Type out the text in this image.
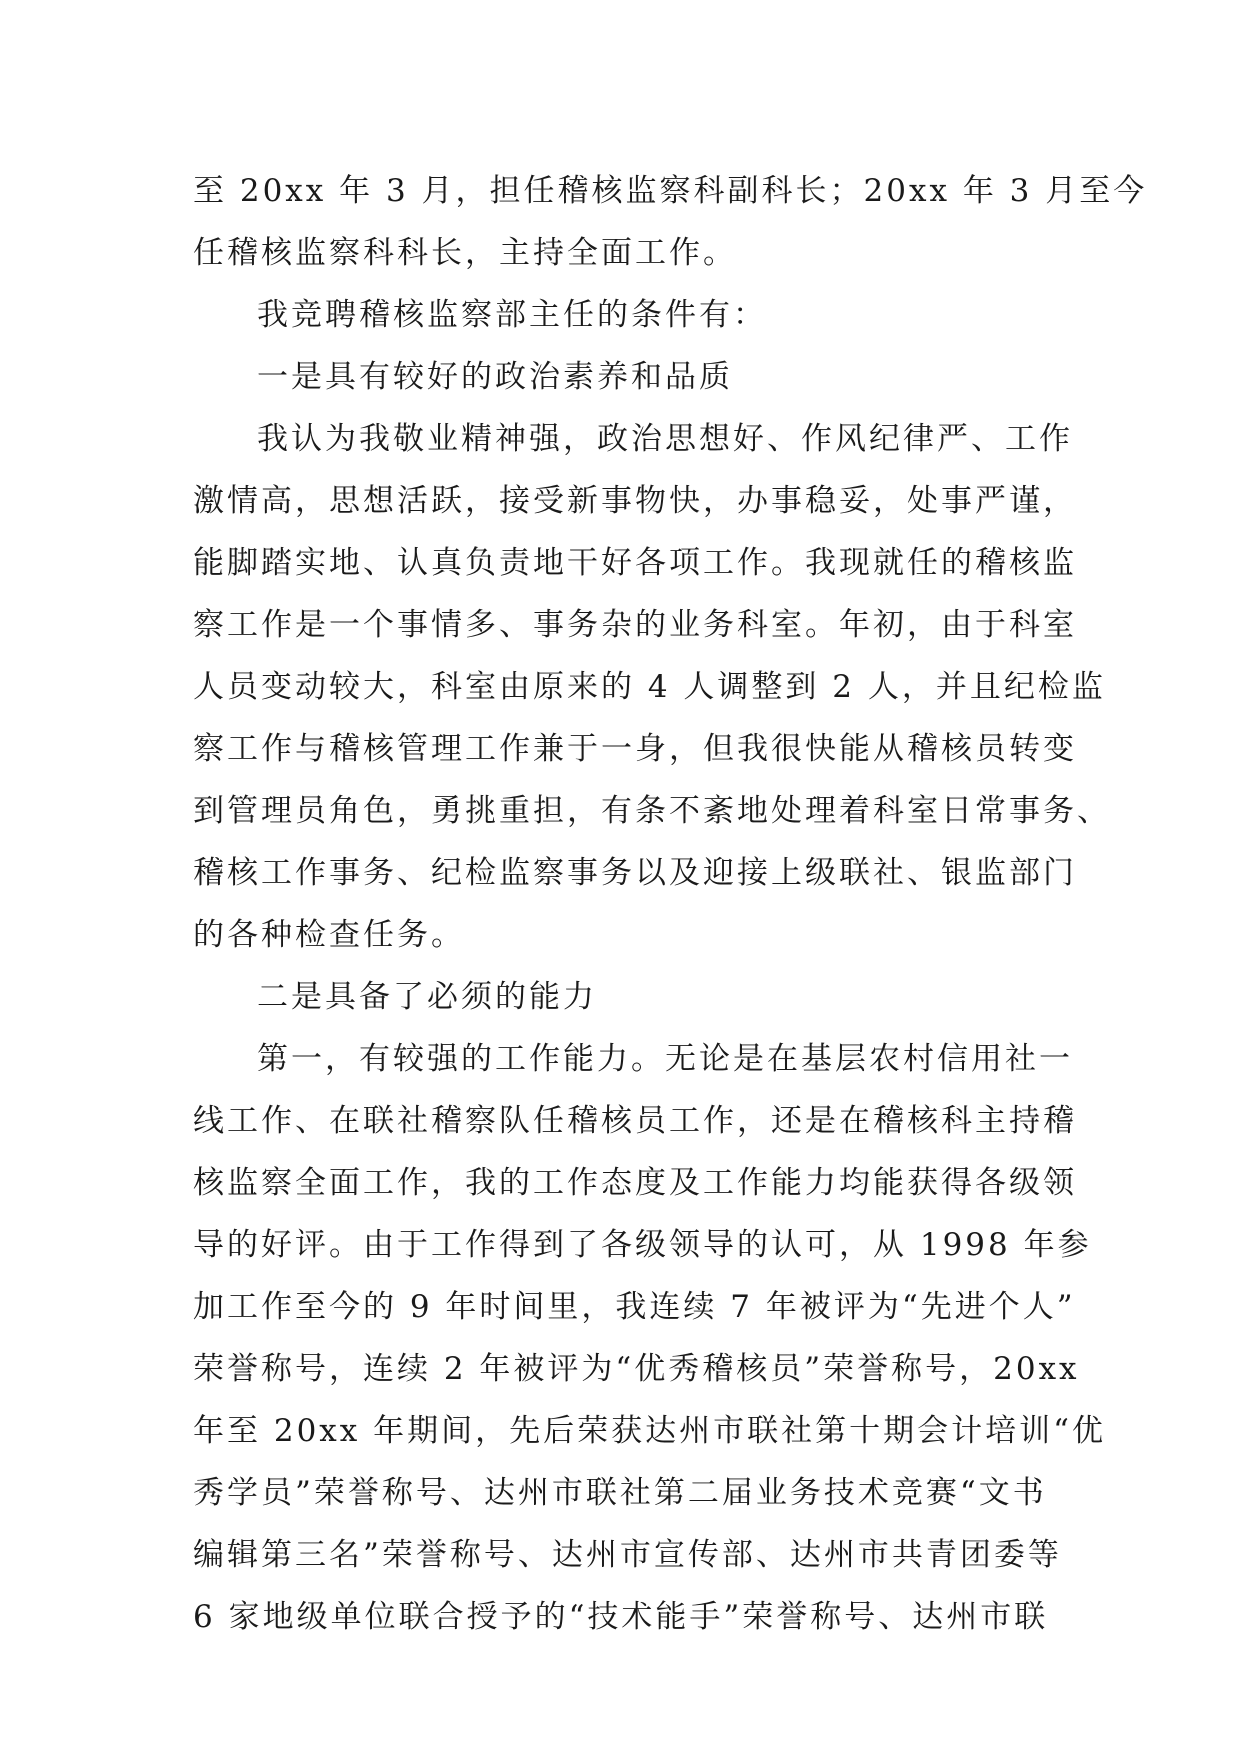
至 20xx 年 3 月，担任稽核监察科副科长；20xx 年 3 月至今
任稽核监察科科长，主持全面工作。
我竞聘稽核监察部主任的条件有：
一是具有较好的政治素养和品质
我认为我敬业精神强，政治思想好、作风纪律严、工作
激情高，思想活跃，接受新事物快，办事稳妥，处事严谨，
能脚踏实地、认真负责地干好各项工作。我现就任的稽核监
察工作是一个事情多、事务杂的业务科室。年初，由于科室
人员变动较大，科室由原来的 4 人调整到 2 人，并且纪检监
察工作与稽核管理工作兼于一身，但我很快能从稽核员转变
到管理员角色，勇挑重担，有条不紊地处理着科室日常事务、
稽核工作事务、纪检监察事务以及迎接上级联社、银监部门
的各种检查任务。
二是具备了必须的能力
第一，有较强的工作能力。无论是在基层农村信用社一
线工作、在联社稽察队任稽核员工作，还是在稽核科主持稽
核监察全面工作，我的工作态度及工作能力均能获得各级领
导的好评。由于工作得到了各级领导的认可，从 1998 年参
加工作至今的 9 年时间里，我连续 7 年被评为“先进个人”
荣誉称号，连续 2 年被评为“优秀稽核员”荣誉称号，20xx
年至 20xx 年期间，先后荣获达州市联社第十期会计培训“优
秀学员”荣誉称号、达州市联社第二届业务技术竞赛“文书
编辑第三名”荣誉称号、达州市宣传部、达州市共青团委等
6 家地级单位联合授予的“技术能手”荣誉称号、达州市联
